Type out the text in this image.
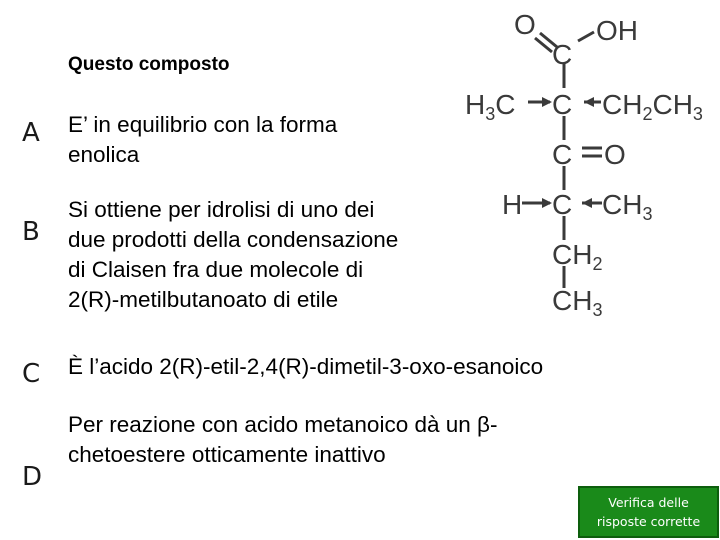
Questo composto
A E’ in equilibrio con la forma
enolica
B
Si ottiene per idrolisi di uno dei
due prodotti della condensazione
di Claisen fra due molecole di
2(R)-metilbutanoato di etile
C È l’acido 2(R)-etil-2,4(R)-dimetil-3-oxo-esanoico
D
Per reazione con acido metanoico dà un β-
chetoestere otticamente inattivo
O OH
C
$H_3C$ C $CH_2CH_3$
C O
H C $CH_3$
$CH_2$
$CH_3$
Verifica delle
risposte corrette
